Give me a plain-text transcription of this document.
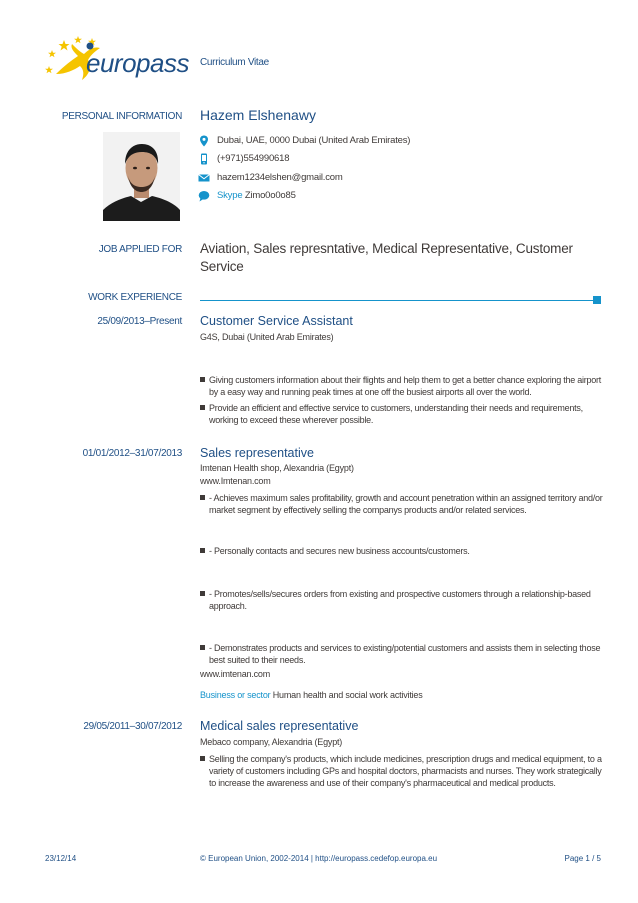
europass Curriculum Vitae
PERSONAL INFORMATION Hazem Elshenawy
Dubai, UAE, 0000 Dubai (United Arab Emirates)
(+971)554990618
hazem1234elshen@gmail.com
Skype Zimo0o0o85
JOB APPLIED FOR Aviation, Sales represntative, Medical Representative, Customer Service
WORK EXPERIENCE
25/09/2013–Present Customer Service Assistant
G4S, Dubai (United Arab Emirates)
Giving customers information about their flights and help them to get a better chance exploring the airport by a easy way and running peak times at one off the busiest airports all over the world.
Provide an efficient and effective service to customers, understanding their needs and requirements, working to exceed these wherever possible.
01/01/2012–31/07/2013 Sales representative
Imtenan Health shop, Alexandria (Egypt)
www.Imtenan.com
- Achieves maximum sales profitability, growth and account penetration within an assigned territory and/or market segment by effectively selling the companys products and/or related services.
- Personally contacts and secures new business accounts/customers.
- Promotes/sells/secures orders from existing and prospective customers through a relationship-based approach.
- Demonstrates products and services to existing/potential customers and assists them in selecting those best suited to their needs.
www.imtenan.com
Business or sector Human health and social work activities
29/05/2011–30/07/2012 Medical sales representative
Mebaco company, Alexandria (Egypt)
Selling the company's products, which include medicines, prescription drugs and medical equipment, to a variety of customers including GPs and hospital doctors, pharmacists and nurses. They work strategically to increase the awareness and use of their company's pharmaceutical and medical products.
23/12/14	© European Union, 2002-2014 | http://europass.cedefop.europa.eu	Page 1 / 5
